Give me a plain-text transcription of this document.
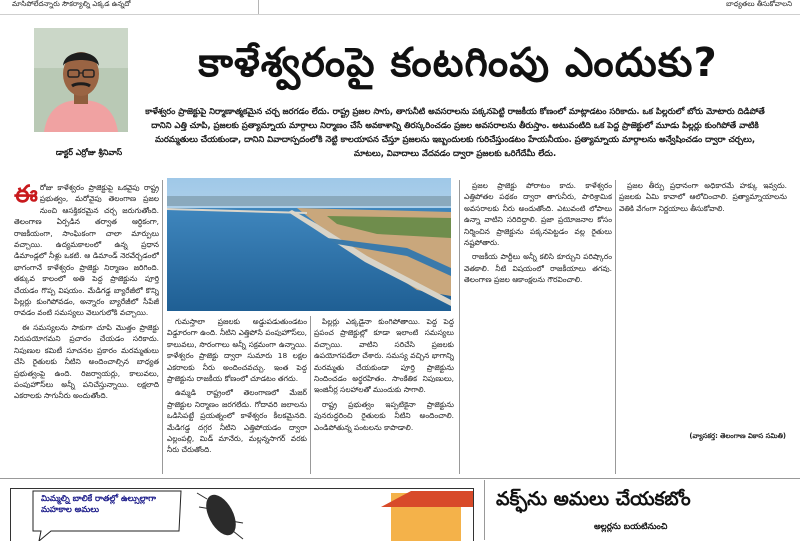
మాసిపోలేదన్నారు సౌకర్యాల్ని ఎక్కడ ఉన్నదో	బాధ్యతలు తీసుకోవాలని
డాక్టర్ ఎర్రోజు శ్రీనివాస్
కాళేశ్వరంపై కంటగింపు ఎందుకు?
కాళేశ్వరం ప్రాజెక్టుపై నిర్మాణాత్మకమైన చర్చ జరగడం లేదు. రాష్ట్ర ప్రజల సాగు, తాగునీటి అవసరాలను పక్కనపెట్టి రాజకీయ కోణంలో మాట్లాడటం సరికాదు. ఒక పిల్లరులో బోరు మోటారు దిడిపోతే దానిని ఎత్తి చూపి, ప్రజలకు ప్రత్యామ్నాయ మార్గాలు నిర్మాణం చేసే అవకాశాన్ని తిరస్కరించడం ప్రజల అవసరాలను తీరుస్తాం. అటువంటిది ఒక పెద్ద ప్రాజెక్టులో మూడు పిల్లర్లు కుంగిపోతే వాటికి మరమ్మతులు చేయకుండా, దానిని వివాదాస్పదంలోకి నెట్టి కాలయాపన చేస్తూ ప్రజలను ఇబ్బందులకు గురిచేస్తుండటం హేయనీయం. ప్రత్యామ్నాయ మార్గాలను అన్వేషించడం ద్వారా చర్చలు, మాటలు, వివాదాలు వేదవడం ద్వారా ప్రజలకు ఒరిగేదేమీ లేదు.
ఈ రోజు కాళేశ్వరం ప్రాజెక్టుపై ఒకవైపు రాష్ట్ర ప్రభుత్వం, మరోవైపు తెలంగాణ ప్రజల నుంచి ఆసక్తికరమైన చర్చ జరుగుతోంది. తెలంగాణ ఏర్పడిన తర్వాత ఆర్థికంగా, రాజకీయంగా, సాంఘికంగా చాలా మార్పులు వచ్చాయి. ఉద్యమకాలంలో ఉన్న ప్రధాన డిమాండ్లలో నీళ్లు ఒకటి. ఆ డిమాండ్ నెరవేర్చడంలో భాగంగానే కాళేశ్వరం ప్రాజెక్టు నిర్మాణం జరిగింది. తక్కువ కాలంలో అతి పెద్ద ప్రాజెక్టును పూర్తి చేయడం గొప్ప విషయం. మేడిగడ్డ బ్యారేజీలో కొన్ని పిల్లర్లు కుంగిపోవడం, అన్నారం బ్యారేజీలో సీపేజీ రావడం వంటి సమస్యలు వెలుగులోకి వచ్చాయి.

ఈ సమస్యలను సాకుగా చూపి మొత్తం ప్రాజెక్టు నిరుపయోగమని ప్రచారం చేయడం సరికాదు. నిపుణుల కమిటీ సూచనల ప్రకారం మరమ్మతులు చేసి రైతులకు నీటిని అందించాల్సిన బాధ్యత ప్రభుత్వంపై ఉంది. రిజర్వాయర్లు, కాలువలు, పంపుహౌస్‌లు అన్నీ పనిచేస్తున్నాయి. లక్షలాది ఎకరాలకు సాగునీరు అందుతోంది.

గుమస్తాలా ప్రజలకు అడ్డుపడుతుండటం విడ్డూరంగా ఉంది. నీటిని ఎత్తిపోసే పంపుహౌస్‌లు, కాలువలు, సొరంగాలు అన్నీ సక్రమంగా ఉన్నాయి. కాళేశ్వరం ప్రాజెక్టు ద్వారా సుమారు 18 లక్షల ఎకరాలకు నీరు అందించవచ్చు. ఇంత పెద్ద ప్రాజెక్టును రాజకీయ కోణంలో చూడటం తగదు.

ఉమ్మడి రాష్ట్రంలో తెలంగాణలో మేజర్ ప్రాజెక్టుల నిర్మాణం జరగలేదు. గోదావరి జలాలను ఒడిసిపట్టే ప్రయత్నంలో కాళేశ్వరం కీలకమైనది. మేడిగడ్డ దగ్గర నీటిని ఎత్తిపోయడం ద్వారా ఎల్లంపల్లి, మిడ్ మానేరు, మల్లన్నసాగర్ వరకు నీరు చేరుతోంది.

పిల్లర్లు ఎక్కడైనా కుంగిపోతాయి. పెద్ద పెద్ద ప్రపంచ ప్రాజెక్టుల్లో కూడా ఇలాంటి సమస్యలు వచ్చాయి. వాటిని సరిచేసి ప్రజలకు ఉపయోగపడేలా చేశారు. సమస్య వచ్చిన భాగాన్ని మరమ్మతు చేయకుండా పూర్తి ప్రాజెక్టును నిందించడం అర్థరహితం. సాంకేతిక నిపుణులు, ఇంజినీర్ల సలహాలతో ముందుకు సాగాలి.

రాష్ట్ర ప్రభుత్వం ఇప్పటికైనా ప్రాజెక్టును పునరుద్ధరించి రైతులకు నీటిని అందించాలి. ఎండిపోతున్న పంటలను కాపాడాలి.

ప్రజల ప్రాజెక్టు పోరాటం కాదు. కాళేశ్వరం ఎత్తిపోతల పథకం ద్వారా తాగునీరు, పారిశ్రామిక అవసరాలకు నీరు అందుతోంది. ఎటువంటి లోపాలు ఉన్నా వాటిని సరిదిద్దాలి. ప్రజా ప్రయోజనాల కోసం నిర్మించిన ప్రాజెక్టును పక్కనపెట్టడం వల్ల రైతులు నష్టపోతారు.

రాజకీయ పార్టీలు అన్నీ కలిసి కూర్చుని పరిష్కారం వెతకాలి. నీటి విషయంలో రాజకీయాలు తగవు. తెలంగాణ ప్రజల ఆకాంక్షలను గౌరవించాలి.

ప్రజల తీర్పు ప్రధానంగా అధికారమే హక్కు ఇవ్వదు. ప్రజలకు ఏమి కావాలో ఆలోచించాలి. ప్రత్యామ్నాయాలను వెతికి వేగంగా నిర్ణయాలు తీసుకోవాలి.

(వ్యాసకర్త: తెలంగాణ వికాస సమితి)
మిమ్మల్ని బాలికే రాతల్లో ఉల్సుల్లాగా మహకాల అమలు	వక్ఫ్‌ను అమలు చేయకబోం
అల్లర్లను బయటినుంచి
